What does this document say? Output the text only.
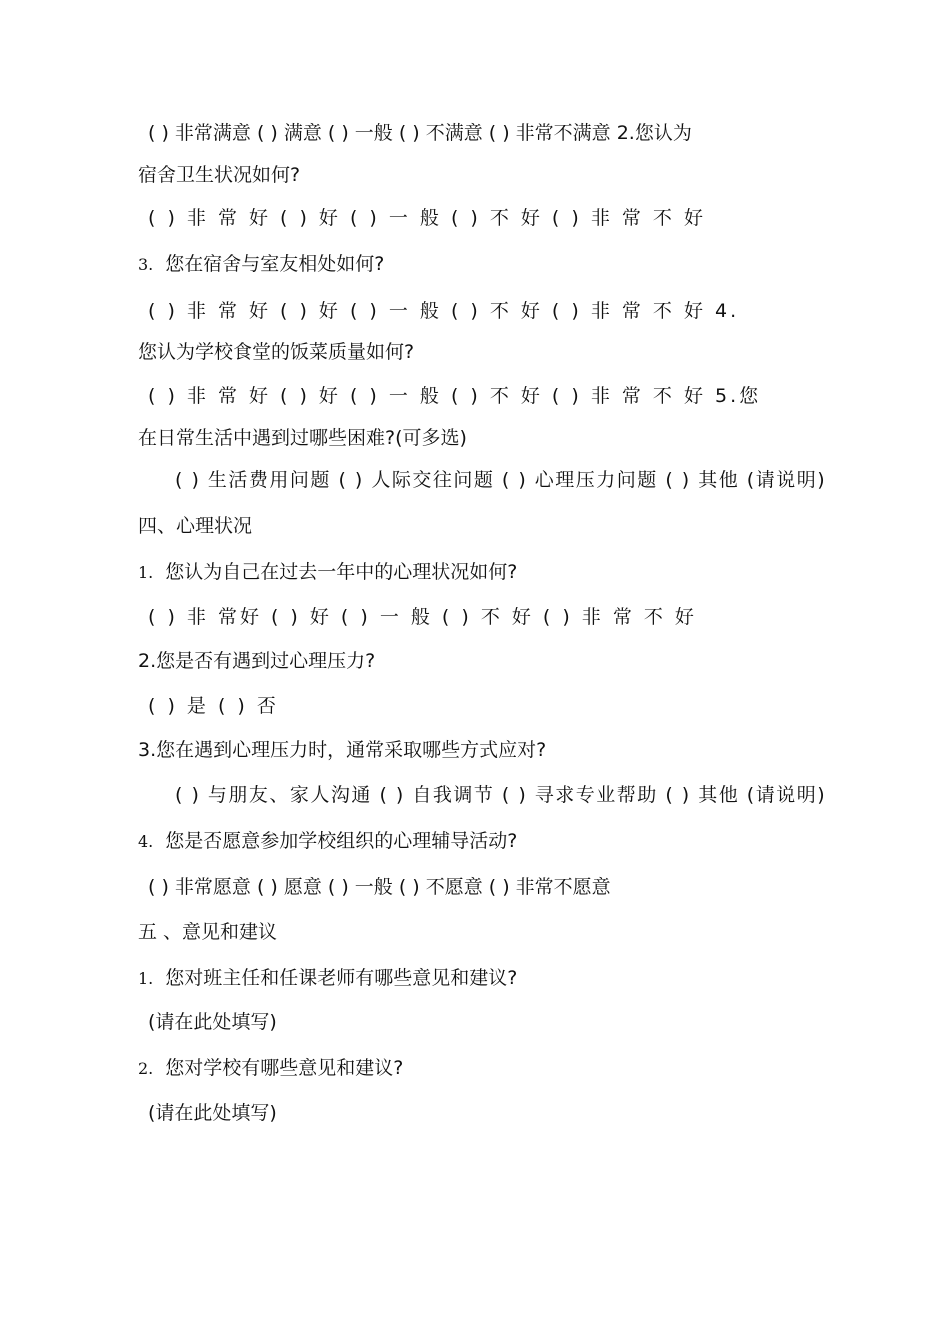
( ) 非常满意 ( ) 满意 ( ) 一般 ( ) 不满意 ( ) 非常不满意 2.您认为
宿舍卫生状况如何?
( ) 非 常 好 ( ) 好 ( ) 一 般 ( ) 不 好 ( ) 非 常 不 好
3. 您在宿舍与室友相处如何?
( ) 非 常 好 ( ) 好 ( ) 一 般 ( ) 不 好 ( ) 非 常 不 好 4.
您认为学校食堂的饭菜质量如何?
( ) 非 常 好 ( ) 好 ( ) 一 般 ( ) 不 好 ( ) 非 常 不 好 5.您
在日常生活中遇到过哪些困难?(可多选)
( ) 生活费用问题 ( ) 人际交往问题 ( ) 心理压力问题 ( ) 其他 (请说明)
四、心理状况
1. 您认为自己在过去一年中的心理状况如何?
( ) 非 常好 ( ) 好 ( ) 一 般 ( ) 不 好 ( ) 非 常 不 好
2.您是否有遇到过心理压力?
( ) 是 ( ) 否
3.您在遇到心理压力时，通常采取哪些方式应对?
( ) 与朋友、家人沟通 ( ) 自我调节 ( ) 寻求专业帮助 ( ) 其他 (请说明)
4. 您是否愿意参加学校组织的心理辅导活动?
( ) 非常愿意 ( ) 愿意 ( ) 一般 ( ) 不愿意 ( ) 非常不愿意
五 、意见和建议
1. 您对班主任和任课老师有哪些意见和建议?
(请在此处填写)
2. 您对学校有哪些意见和建议?
(请在此处填写)
